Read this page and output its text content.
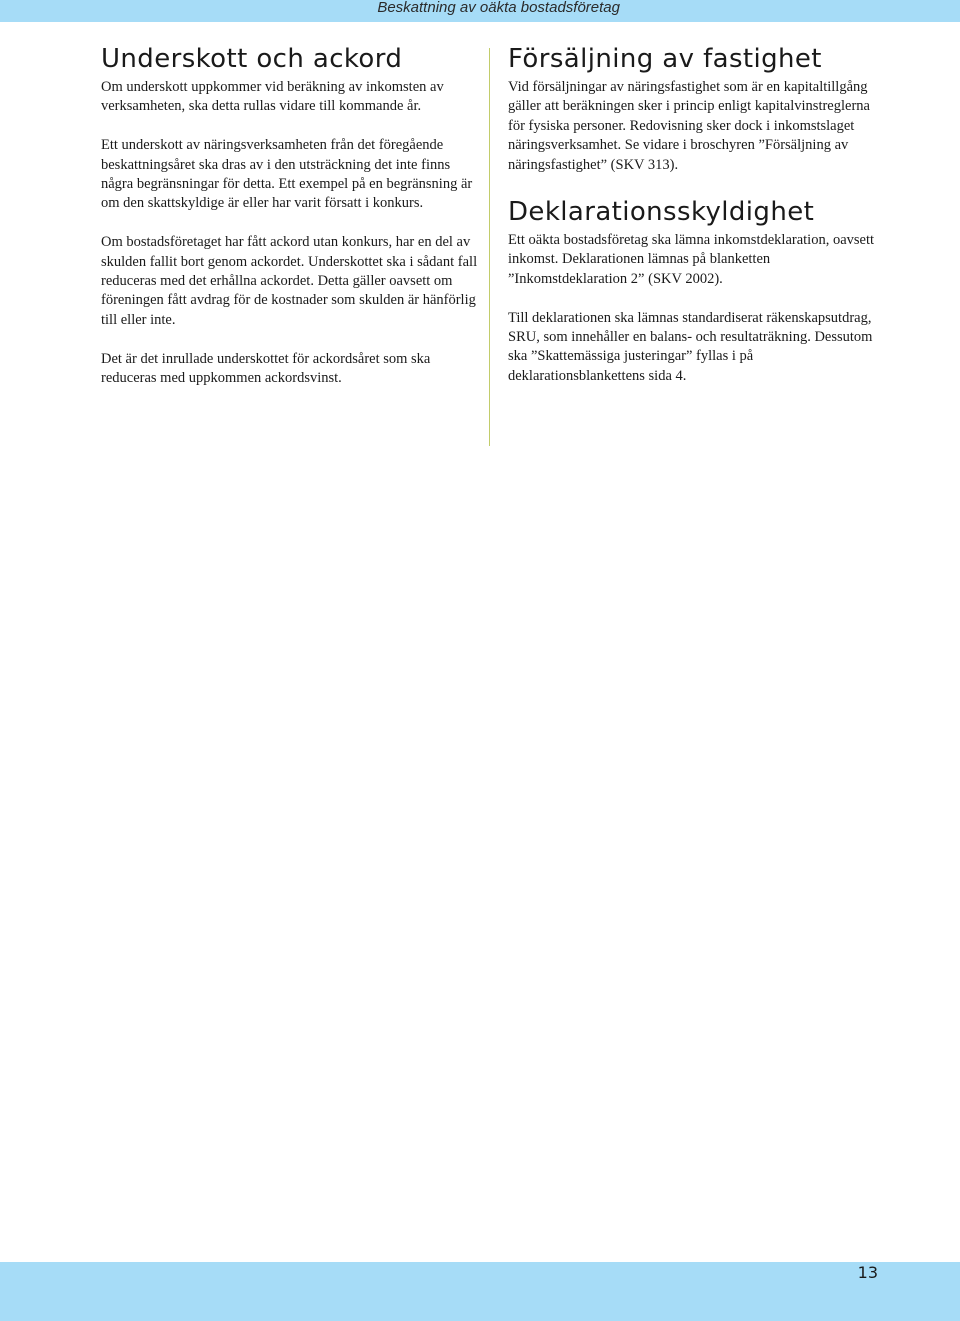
Beskattning av oäkta bostadsföretag
Underskott och ackord

Om underskott uppkommer vid beräkning av inkomsten av verksamheten, ska detta rullas vidare till kommande år.

Ett underskott av näringsverksamheten från det föregående beskattningsåret ska dras av i den utsträckning det inte finns några begränsningar för detta. Ett exempel på en begränsning är om den skattskyldige är eller har varit försatt i konkurs.

Om bostadsföretaget har fått ackord utan konkurs, har en del av skulden fallit bort genom ackordet. Underskottet ska i sådant fall reduceras med det erhållna ackordet. Detta gäller oavsett om föreningen fått avdrag för de kostnader som skulden är hänförlig till eller inte.

Det är det inrullade underskottet för ackordsåret som ska reduceras med uppkommen ackordsvinst.

Försäljning av fastighet

Vid försäljningar av näringsfastighet som är en kapitaltillgång gäller att beräkningen sker i princip enligt kapitalvinstreglerna för fysiska personer. Redovisning sker dock i inkomstslaget näringsverksamhet. Se vidare i broschyren ”Försäljning av näringsfastighet” (SKV 313).

Deklarationsskyldighet

Ett oäkta bostadsföretag ska lämna inkomstdeklaration, oavsett inkomst. Deklarationen lämnas på blanketten ”Inkomstdeklaration 2” (SKV 2002).

Till deklarationen ska lämnas standardiserat räkenskapsutdrag, SRU, som innehåller en balans- och resultaträkning. Dessutom ska ”Skattemässiga justeringar” fyllas i på deklarationsblankettens sida 4.

13
